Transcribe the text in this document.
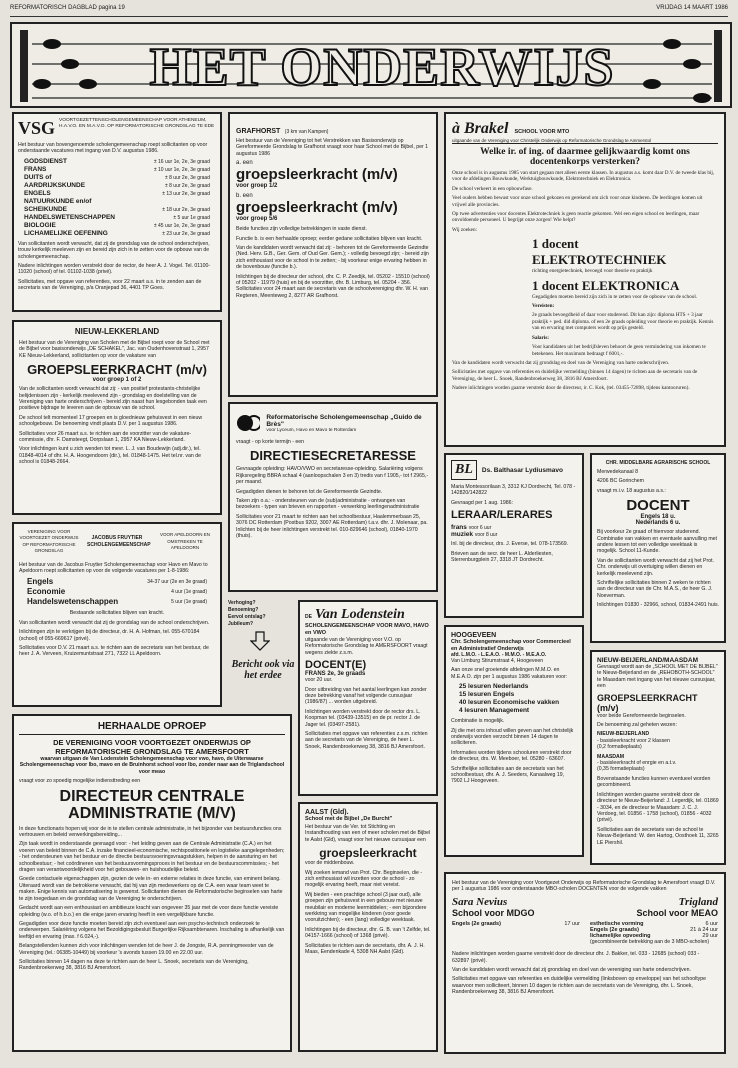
REFORMATORISCH DAGBLAD pagina 19	VRIJDAG 14 MAART 1986
HET ONDERWIJS
VSG VOORTGEZETTENSCHOLENGEMEENSCHAP VOOR ATHENEUM, H.A.V.O. EN M.A.V.O. OP REFORMATORISCHE GRONDSLAG TE EDE

Het bestuur van bovengenoemde scholengemeenschap roept sollicitanten op voor onderstaande vacatures met ingang van D.V. augustus 1986.

GODSDIENST	± 16 uur 1e, 2e, 3e graad
FRANS	± 10 uur 1e, 2e, 3e graad
DUITS of	± 8 uur 2e, 3e graad
AARDRIJKSKUNDE	± 8 uur 2e, 3e graad
ENGELS	± 13 uur 2e, 3e graad
NATUURKUNDE en/of
SCHEIKUNDE	± 18 uur 2e, 3e graad
HANDELSWETENSCHAPPEN	± 5 uur 1e graad
BIOLOGIE	± 45 uur 1e, 2e, 3e graad
LICHAMELIJKE OEFENING	± 23 uur 2e, 3e graad

Van sollicitanten wordt verwacht, dat zij de grondslag van de school onderschrijven, trouw kerkelijk meeleven zijn en bereid zijn zich in te zetten voor de opbouw van de scholengemeenschap.

Nadere inlichtingen worden verstrekt door de rector, de heer A. J. Vogel. Tel. 01100-11020 (school) of tel. 01102-1038 (privé).

Sollicitaties, met opgave van referenties, voor 22 maart a.s. in te zenden aan de secretaris van de Vereniging, p/a Oranjepad 36, 4401 TP Goes.

NIEUW-LEKKERLAND

Het bestuur van de Vereniging van Scholen met de Bijbel roept voor de School met de Bijbel voor basisonderwijs „DE SCHAKEL", Jac. van Oudenhovenstraat 1, 2957 KE Nieuw-Lekkerland, sollicitanten op voor de vakature van

GROEPSLEERKRACHT (m/v)
voor groep 1 of 2

Van de sollicitanten wordt verwacht dat zij: - van positief protestants-christelijke belijdenissen zijn - kerkelijk meelevend zijn - grondslag en doelstelling van de Vereniging van harte onderschrijven - bereid zijn naast hun lesgebonden taak een positieve bijdrage te leveren aan de opbouw van de school.

De school telt momenteel 17 groepen en is gloednieuw gehuisvest in een nieuw schoolgebouw. De benoeming vindt plaats D.V. per 1 augustus 1986.

Sollicitaties voor 26 maart a.s. te richten aan de voorzitter van de vakature-commissie, dhr. F. Damsteegt, Dorpslaan 1, 2957 KA Nieuw-Lekkerland.

Voor inlichtingen kunt u zich wenden tot mevr. L. J. van Boudewijn (adj.dir.), tel. 01848-4014 of dhr. H. A. Hoogendoorn (dir.), tel. 01848-1475. Het tel.nr. van de school is 01848-2664.

VERENIGING VOOR VOORTGEZET ONDERWIJS OP REFORMATORISCHE GRONDSLAG
JACOBUS FRUYTIER SCHOLENGEMEENSCHAP
VOOR APELDOORN EN OMSTREKEN TE APELDOORN

Het bestuur van de Jacobus Fruytier Scholengemeenschap voor Havo en Mavo to Apeldoorn roept sollicitanten op voor de volgende vacatures per 1-8-1986:

Engels	34-37 uur (2e en 3e graad)
Economie	4 uur (1e graad)
Handelswetenschappen	5 uur (1e graad)

Bestaande sollicitaties blijven van kracht.

Van sollicitanten wordt verwacht dat zij de grondslag van de school onderschrijven.

Inlichtingen zijn te verkrijgen bij de directeur, dr. H. A. Hofman, tel. 055-670184 (school) of 055-669617 (privé).

Sollicitaties voor D.V. 21 maart a.s. te richten aan de secretaris van het bestuur, de heer J. A. Verveen, Kruizemuntstraat 271, 7322 LL Apeldoorn.

HERHAALDE OPROEP
DE VERENIGING VOOR VOORTGEZET ONDERWIJS OP REFORMATORISCHE GRONDSLAG TE AMERSFOORT

waarvan uitgaan de Van Lodenstein Scholengemeenschap voor vwo, havo, de Uiterwaarse Scholengemeenschap voor lbo, mavo en de Bruinhorst school voor lbo, zonder naar aan de Triglandschool voor meao

vraagt voor zo spoedig mogelijke indiensttreding een

DIRECTEUR CENTRALE
ADMINISTRATIE (M/V)

In deze functionaris hopen wij voor de in te stellen centrale administratie, in het bijzonder van bestuursfuncties ons vertrouwen en beleid verwerkingsbereiding...

Zijn taak wordt in onderstaande gevraagd voor: - het leiding geven aan de Centrale Administratie (C.A.) en het voeren van beleid binnen de C.A. inzake financieel-economische, rechtspositionele en logistieke aangelegenheden; - het ondersteunen van het bestuur en de directie bestuursvoeringsvraagstukken, helpen in de aansturing en het schoolbestuur; - het coördineren van het bestuursvormingsproces in het bestuur en de bestuurscommissies; - het dragen van verantwoordelijkheid voor het gebouwen- en huishoudelijke beleid.

Goede contactuele eigenschappen zijn, gezien de vele in- en externe relaties in deze functie, van eminent belang. Uiteraard wordt van de betrokkene verwacht, dat hij van zijn medewerkers op de C.A. een waar team weet te maken. Enige kennis van automatisering is gewenst. Sollicitanten dienen de Reformatorische beginselen van harte te zijn toegedaan en de grondslag van de Vereniging te onderschrijven.

Gedacht wordt aan een enthousiast en ambitieuze kracht van ongeveer 35 jaar met de voor deze functie vereiste opleiding (w.o. of h.b.o.) en die enige jaren ervaring heeft in een vergelijkbare functie.

Gegadigden voor deze functie moeten bereid zijn zich eventueel aan een psycho-technisch onderzoek te onderwerpen. Salariëring volgens het Bezoldigingsbesluit Burgerlijke Rijksambtenaren. Inschaling is afhankelijk van leeftijd en ervaring (max. f 6.024,-).

Belangstellenden kunnen zich voor inlichtingen wenden tot de heer J. de Jongste, R.A. penningmeester van de Vereniging (tel.: 06385-10449) bij voorkeur 's avonds tussen 19.00 en 22.00 uur.

Sollicitaties binnen 14 dagen na deze te richten aan de heer L. Snoek, secretaris van de Vereniging, Randenbroekerweg 38, 3816 BJ Amersfoort.

GRAFHORST (3 km van Kampen)

Het bestuur van de Vereniging tot het Verstrekken van Basisonderwijs op Gereformeerde Grondslag te Grafhorst vraagt voor haar School met de Bijbel, per 1 augustus 1986

a. een
groepsleerkracht (m/v)
voor groep 1/2
b. een
groepsleerkracht (m/v)
voor groep 5/6

Beide functies zijn volledige betrekkingen in vaste dienst.

Functie b. is een herhaalde oproep; eerder gedane sollicitaties blijven van kracht.

Van de kandidaten wordt verwacht dat zij: - behoren tot de Gereformeerde Gezindte (Ned. Herv. G.B., Ger. Gem. of Oud Ger. Gem.); - volledig bevoegd zijn; - bereid zijn zich enthousiast voor de school in te zetten; - bij voorkeur enige ervaring hebben in de bovenbouw (functie b.).

Inlichtingen bij de directeur der school, dhr. C. P. Zeedijk, tel. 05202 - 15510 (school) of 05202 - 11979 (huis) en bij de voorzitter, dhr. B. Limburg, tel. 05204 - 356. Sollicitaties voor 24 maart aan de secretaris van de schoolvereniging dhr. W. H. van Regteren, Meenteweg 2, 8277 AR Grafhorst.

Reformatorische Scholengemeenschap „Guido de Brès"
voor Lyceum, Havo en Mavo te Rotterdam

vraagt - op korte termijn - een

DIRECTIESECRETARESSE

Gevraagde opleiding: HAVO/VWO en secretaresse-opleiding. Salariëring volgens Rijksregeling BBRA schaal 4 (aanloopschalen 3 en 3) tredis van f 1905,- tot f 2965,- per maand.

Gegadigden dienen te behoren tot de Gereformeerde Gezindte.

Taken zijn o.a.: - ondersteunen van de (sub)administratie - ontvangen van bezoekers - typen van brieven en rapporten - verwerking leerlingenadministratie

Sollicitaties voor 21 maart te richten aan het schoolbestuur, Haalemmerbaan 25, 3076 DC Rotterdam (Postbus 9202, 3007 AE Rotterdam) t.a.v. dhr. J. Molenaar, pa. Inlichten bij de heer inlichtingen verstrekt tel. 010-829646 (school), 01840-1970 (thuis).

Verhoging?
Benoeming?
Eervol ontslag?
Jubileum?
Bericht ook via het erdee
DE Van Lodenstein
SCHOLENGEMEENSCHAP VOOR MAVO, HAVO en VWO

uitgaande van de Vereniging voor V.O. op Reformatorische Grondslag te AMERSFOORT vraagt wegens ziekte z.s.m.

DOCENT(E)
FRANS 2e, 3e graads

voor 20 uur.

Door uitbreiding van het aantal leerlingen kan zonder deze betrekking vanaf het volgende cursusjaar (1986/87) ... worden uitgebreid.

Inlichtingen worden verstrekt door de rector drs. L. Koopman tel. (03439-13515) en de pr. rector J. de Jager tel. (03497-2581).

Sollicitaties met opgave van referenties z.s.m. richten aan de secretaris van de Vereniging, de heer L. Snoek, Randenbroekerweg 38, 3816 BJ Amersfoort.

AALST (Gld).
School met de Bijbel „De Burcht"

Het bestuur van de Ver. tot Stichting en Instandhouding van een of meer scholen met de Bijbel te Aalst (Gld), vraagt voor het nieuwe cursusjaar een

groepsleerkracht

voor de middenbouw.

Wij zoeken iemand van Prot. Chr. Beginselen, die - zich enthousiast wil inzetten voor de school - zo mogelijk ervaring heeft, maar niet vereist.

Wij bieden - een prachtige school (3 jaar oud), alle groepen zijn gehuisvest in een gebouw met nieuwe meubilair en moderne leermiddelen; - een bijzondere werkkring van mogelijke kinderen (voor goede vooruitzichten); - een (lang) volledige weektaak.

Inlichtingen bij de directeur, dhr. G. B. van 't Zelfde, tel. 04157-1666 (school) of 1368 (privé).

Sollicitaties te richten aan de secretaris, dhr. A. J. H. Maas, Eendenkade 4, 5308 NH Aalst (Gld).

à Brakel SCHOOL VOOR MTO
uitgaande van de Vereniging voor Christelijk Onderwijs op Reformatorische Grondslag te Ammerstol
Welke ir. of ing. of daarmee gelijkwaardig komt ons
docentenkorps versterken?

Onze school is in augustus 1985 van start gegaan met alleen eerste klassen. In augustus a.s. komt daar D.V. de tweede klas bij, voor de afdelingen Bouwkunde, Werktuigbouwkunde, Elektrotechniek en Elektronica.

De school verkeert in een opbouwfase.

Veel ouders hebben bewust voor onze school gekozen en gerekend om zich voor onze kinderen. De leerlingen komen uit vrijwel alle provincies.

Op twee advertenties voor docentes Elektrotechniek is geen reactie gekomen. Wel een eigen school en leerlingen, maar onvoldoende personeel. U begrijpt onze zorgen! Wie helpt?

Wij zoeken:

1 docent
ELEKTROTECHNIEK

richting energietechniek, bevoegd voor theorie en praktijk

1 docent ELEKTRONICA

Gegadigden moeten bereid zijn zich in te zetten voor de opbouw van de school.

Vereisten:

2e graads bevoegdheid of daar voor studerend. Dit kan zijn: diploma HTS + 3 jaar praktijk + ped. did diploma. of een 2e graads opleiding voor theorie en praktijk. Kennis van en ervaring met computers wordt op prijs gesteld.

Salaris:

Voor kandidaten uit het bedrijfsleven behoort de geen vermindering van inkomen te betekenen. Het maximum bedraagt f 6001,-.

Van de kandidaten wordt verwacht dat zij grondslag en doel van de Vereniging van harte onderschrijven.

Sollicitaties met opgave van referenties en duidelijke vermelding (binnen 14 dagen) te richten aan de secretaris van de Vereniging, de heer L. Snoek, Randenbroekerweg 38, 3816 BJ Amersfoort.

Nadere inlichtingen worden gaarne verstrekt door de directeur, ir. C. Kok, (tel. 03455-72898, tijdens kantooruren).

BL	Ds. Balthasar Lydiusmavo

Maria Montessorilaan 3, 3312 KJ Dordrecht, Tel. 078 - 142820/142822

Gevraagd per 1 aug. 1986:

LERAAR/LERARES
frans voor 6 uur
muziek voor 8 uur

Inl. bij de directeur, drs. J. Everse, tel. 078-173569.

Brieven aan de secr. de heer L. Alderliesten, Sterrenburgplein 27, 3318 JT Dordrecht.

CHR. MIDDELBARE AGRARISCHE SCHOOL
Merwedekanaal 8
4206 BC Gorinchem

vraagt m.i.v. 18 augustus a.s.:

DOCENT
Engels 18 u.
Nederlands 6 u.

Bij voorkeur 2e graad of hierrvoor studerend. Combinatie van vakken en eventuele aanvulling met andere lessen tot een volledige weektaak is mogelijk. School 11-Kunde.

Van de sollicitanten wordt verwacht dat zij het Prot. Chr. onderwijs uit overtuiging willen dienen en kerkelijk meelevend zijn.

Schriftelijke sollicitaties binnen 2 weken te richten aan de directeur van de Chr. M.A.S., de heer G. J. Noeverman.

Inlichtingen 01830 - 32966, school, 01834-2491 huis.

HOOGEVEEN
Chr. Scholengemeenschap voor Commercieel en Administratief Onderwijs
afd. L.M.O. - L.E.A.O. - M.M.O. - M.E.A.O.

Van Limburg Stirumstraat 4, Hoogeveen

Aan onze snel groeiende afdelingen M.M.O. en M.E.A.O. zijn per 1 augustus 1986 vakaturen voor:

25 lesuren Nederlands
15 lesuren Engels
40 lesuren Economische vakken
4 lesuren Management

Combinatie is mogelijk.

Zij die met ons inhoud willen geven aan het christelijk onderwijs worden verzocht binnen 14 dagen te solliciteren.

Informaties worden tijdens schooluren verstrekt door de directeur, drs. W. Meeboer, tel. 05280 - 63607.

Schriftelijke sollicitaties aan de secretaris van het schoolbestuur, dhr. A. J. Seeders, Kanaalweg 19, 7902 LJ Hoogeveen.

NIEUW-BEIJERLAND/MAASDAM

Gevraagd wordt aan de „SCHOOL MET DE BIJBEL" te Nieuw-Beijerland en de „REHOBOTH-SCHOOL" te Maasdam met ingang van het nieuwe cursusjaar, een

GROEPSLEERKRACHT (m/v)

voor beide Gereformeerde beginselen.

De benoeming zal geheten wezen:

NIEUW-BEIJERLAND
- basisleerkracht voor 2 klassen
(0,2 formatieplaats)
MAASDAM
- basisleerkracht of enrgie en a.t.v.
(0,35 formatieplaats)

Bovenstaande functies kunnen eventueel worden gecombineerd.

Inlichtingen worden gaarne verstrekt door de directeur te Nieuw-Beijerland: J. Legerdijk, tel. 01869 - 3034, en de directeur te Maasdam: J. C. J. Verdoeg, tel. 01856 - 1758 (school), 01856 - 4032 (privé).

Sollicitaties aan de secretaris van de school te Nieuw-Beijerland: W. den Hartog, Oosthoek 11, 3265 LE Piershil.

Het bestuur van de Vereniging voor Voortgezet Onderwijs op Reformatorische Grondslag te Amersfoort vraagt D.V. per 1 augustus 1986 voor onderstaande MBO-scholen DOCENTEN voor de volgende vakken

Sara Nevius
School voor MDGO
Engels (2e graads)	17 uur
Trigland
School voor MEAO
esthetische vorming	6 uur
Engels (2e graads)	21 à 24 uur
lichamelijke opvoeding	29 uur
(gecombineerde betrekking aan de 3 MBO-scholen)

Nadere inlichtingen worden gaarne verstrekt door de directeur dhr. J. Bakker, tel. 033 - 12685 (school) 033 - 632897 (privé).

Van de kandidaten wordt verwacht dat zij grondslag en doel van de vereniging van harte onderschrijven.

Sollicitaties met opgave van referenties en duidelijke vermelding (linksboven op enveloppe) van het schooltype waarvoor men solliciteert, binnen 10 dagen te richten aan de secretaris van de Vereniging, dhr. L. Snoek, Randenbroekerweg 38, 3816 BJ Amersfoort.
